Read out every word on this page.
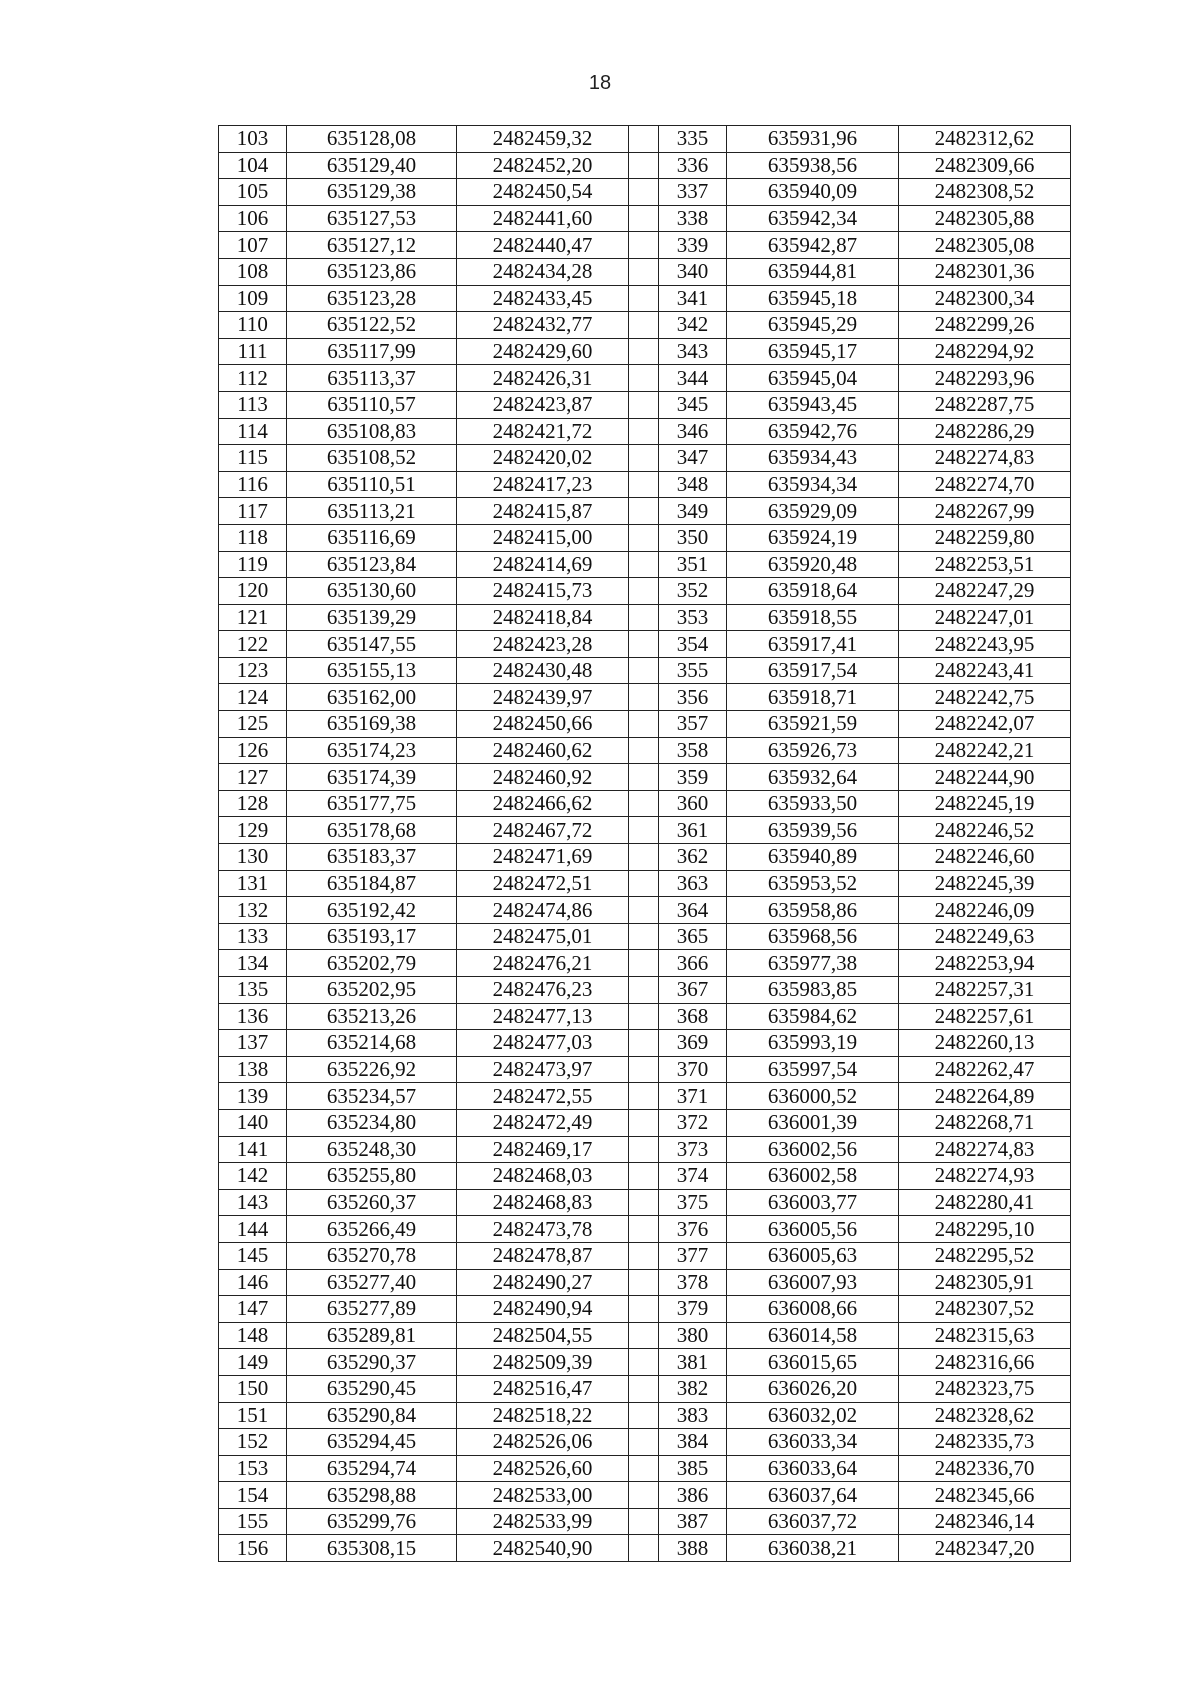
18
103	635128,08	2482459,32		335	635931,96	2482312,62
104	635129,40	2482452,20		336	635938,56	2482309,66
105	635129,38	2482450,54		337	635940,09	2482308,52
106	635127,53	2482441,60		338	635942,34	2482305,88
107	635127,12	2482440,47		339	635942,87	2482305,08
108	635123,86	2482434,28		340	635944,81	2482301,36
109	635123,28	2482433,45		341	635945,18	2482300,34
110	635122,52	2482432,77		342	635945,29	2482299,26
111	635117,99	2482429,60		343	635945,17	2482294,92
112	635113,37	2482426,31		344	635945,04	2482293,96
113	635110,57	2482423,87		345	635943,45	2482287,75
114	635108,83	2482421,72		346	635942,76	2482286,29
115	635108,52	2482420,02		347	635934,43	2482274,83
116	635110,51	2482417,23		348	635934,34	2482274,70
117	635113,21	2482415,87		349	635929,09	2482267,99
118	635116,69	2482415,00		350	635924,19	2482259,80
119	635123,84	2482414,69		351	635920,48	2482253,51
120	635130,60	2482415,73		352	635918,64	2482247,29
121	635139,29	2482418,84		353	635918,55	2482247,01
122	635147,55	2482423,28		354	635917,41	2482243,95
123	635155,13	2482430,48		355	635917,54	2482243,41
124	635162,00	2482439,97		356	635918,71	2482242,75
125	635169,38	2482450,66		357	635921,59	2482242,07
126	635174,23	2482460,62		358	635926,73	2482242,21
127	635174,39	2482460,92		359	635932,64	2482244,90
128	635177,75	2482466,62		360	635933,50	2482245,19
129	635178,68	2482467,72		361	635939,56	2482246,52
130	635183,37	2482471,69		362	635940,89	2482246,60
131	635184,87	2482472,51		363	635953,52	2482245,39
132	635192,42	2482474,86		364	635958,86	2482246,09
133	635193,17	2482475,01		365	635968,56	2482249,63
134	635202,79	2482476,21		366	635977,38	2482253,94
135	635202,95	2482476,23		367	635983,85	2482257,31
136	635213,26	2482477,13		368	635984,62	2482257,61
137	635214,68	2482477,03		369	635993,19	2482260,13
138	635226,92	2482473,97		370	635997,54	2482262,47
139	635234,57	2482472,55		371	636000,52	2482264,89
140	635234,80	2482472,49		372	636001,39	2482268,71
141	635248,30	2482469,17		373	636002,56	2482274,83
142	635255,80	2482468,03		374	636002,58	2482274,93
143	635260,37	2482468,83		375	636003,77	2482280,41
144	635266,49	2482473,78		376	636005,56	2482295,10
145	635270,78	2482478,87		377	636005,63	2482295,52
146	635277,40	2482490,27		378	636007,93	2482305,91
147	635277,89	2482490,94		379	636008,66	2482307,52
148	635289,81	2482504,55		380	636014,58	2482315,63
149	635290,37	2482509,39		381	636015,65	2482316,66
150	635290,45	2482516,47		382	636026,20	2482323,75
151	635290,84	2482518,22		383	636032,02	2482328,62
152	635294,45	2482526,06		384	636033,34	2482335,73
153	635294,74	2482526,60		385	636033,64	2482336,70
154	635298,88	2482533,00		386	636037,64	2482345,66
155	635299,76	2482533,99		387	636037,72	2482346,14
156	635308,15	2482540,90		388	636038,21	2482347,20
